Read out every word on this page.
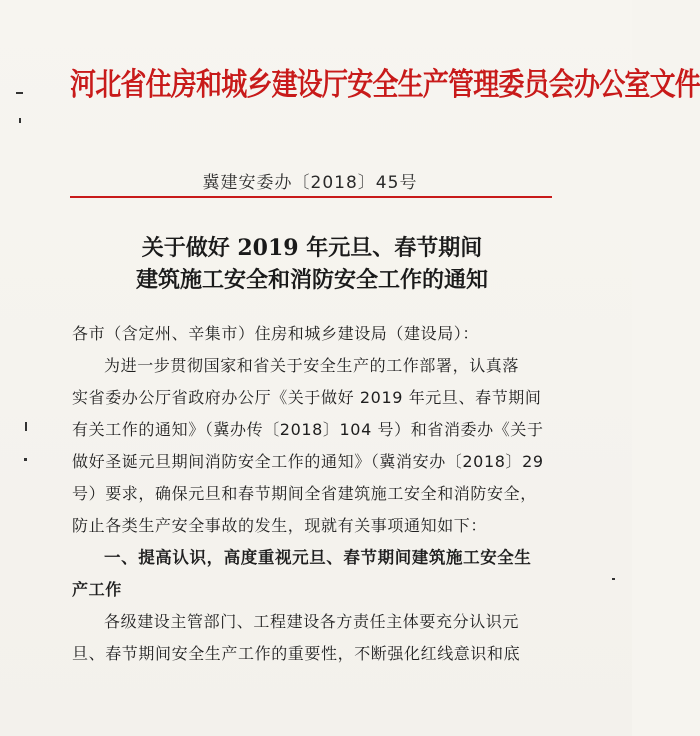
河北省住房和城乡建设厅安全生产管理委员会办公室文件
冀建安委办〔2018〕45号
关于做好 2019 年元旦、春节期间
建筑施工安全和消防安全工作的通知

各市（含定州、辛集市）住房和城乡建设局（建设局）：

为进一步贯彻国家和省关于安全生产的工作部署，认真落

实省委办公厅省政府办公厅《关于做好 2019 年元旦、春节期间

有关工作的通知》（冀办传〔2018〕104 号）和省消委办《关于

做好圣诞元旦期间消防安全工作的通知》（冀消安办〔2018〕29

号）要求，确保元旦和春节期间全省建筑施工安全和消防安全，

防止各类生产安全事故的发生，现就有关事项通知如下：

一、提高认识，高度重视元旦、春节期间建筑施工安全生

产工作

各级建设主管部门、工程建设各方责任主体要充分认识元

旦、春节期间安全生产工作的重要性，不断强化红线意识和底
